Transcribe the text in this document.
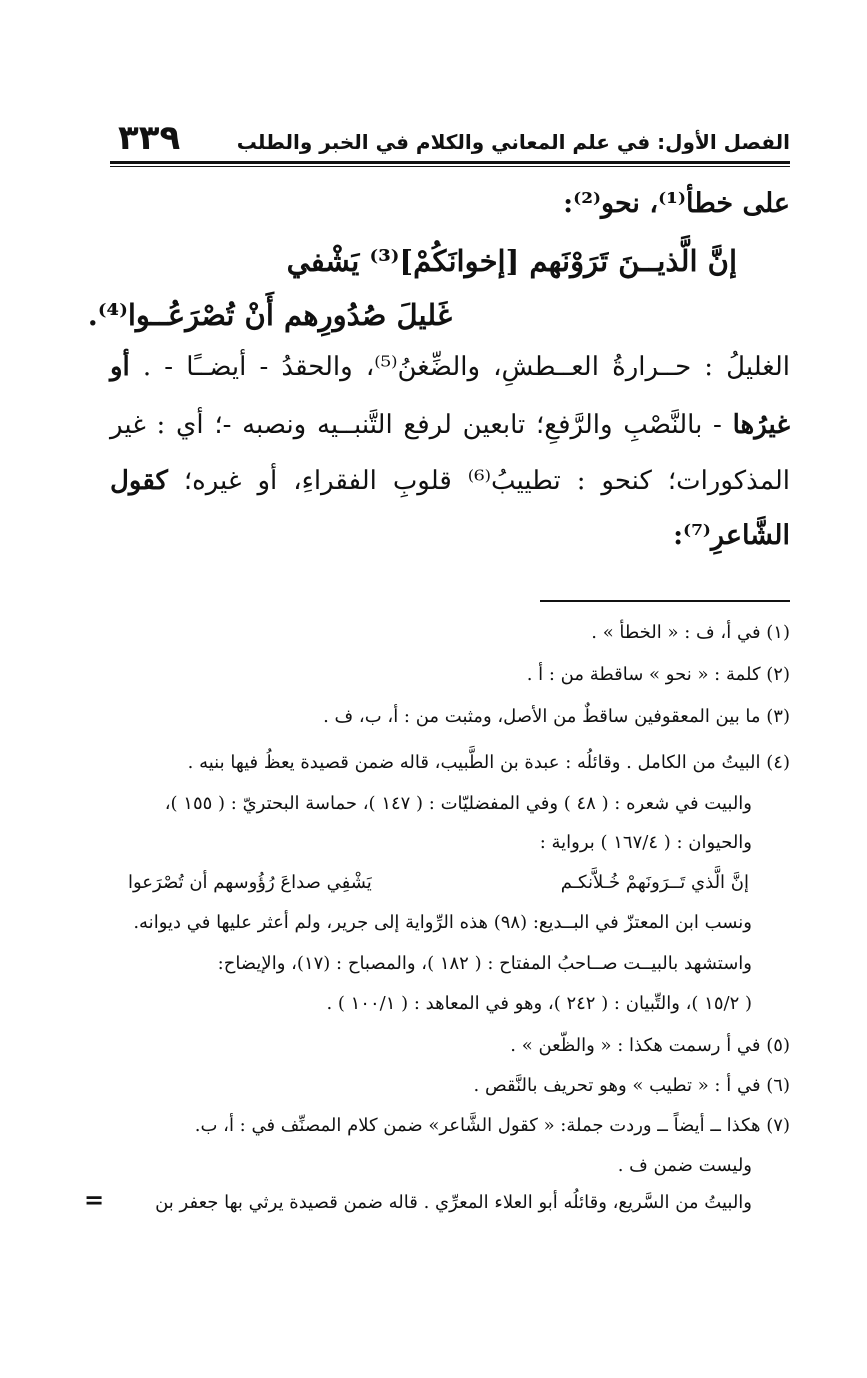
الفصل الأول: في علم المعاني والكلام في الخبر والطلب
٣٣٩
على خطأ⁽¹⁾، نحو⁽²⁾:
إنَّ الَّذيــنَ تَرَوْنَهم [إخوانَكُمْ]⁽³⁾ يَشْفي
غَليلَ صُدُورِهم أَنْ تُصْرَعُــوا⁽⁴⁾.
الغليلُ : حــرارةُ العــطشِ، والضِّغنُ⁽⁵⁾، والحقدُ - أيضــًا - . أو
غيرُها - بالنَّصْبِ والرَّفعِ؛ تابعين لرفع التَّنبــيه ونصبه -؛ أي : غير
المذكورات؛ كنحو : تطييبُ⁽⁶⁾ قلوبِ الفقراءِ، أو غيره؛ كقول
الشَّاعرِ⁽⁷⁾:
(١) في أ، ف : « الخطأ » .
(٢) كلمة : « نحو » ساقطة من : أ .
(٣) ما بين المعقوفين ساقطٌ من الأصل، ومثبت من : أ، ب، ف .
(٤) البيتُ من الكامل . وقائلُه : عبدة بن الطَّبيب، قاله ضمن قصيدة يعظُ فيها بنيه .
والبيت في شعره : ( ٤٨ ) وفي المفضليّات : ( ١٤٧ )، حماسة البحتريّ : ( ١٥٥ )،
والحيوان : ( ١٦٧/٤ ) برواية :
إنَّ الَّذي تَــرَونَهمْ خُـلاَّنكـم
يَشْفِي صداعَ رُؤُوسهم أن تُصْرَعوا
ونسب ابن المعتزّ في البــديع: (٩٨) هذه الرِّواية إلى جرير، ولم أعثر عليها في ديوانه.
واستشهد بالبيــت صــاحبُ المفتاح : ( ١٨٢ )، والمصباح : (١٧)، والإيضاح:
( ١٥/٢ )، والتِّبيان : ( ٢٤٢ )، وهو في المعاهد : ( ١٠٠/١ ) .
(٥) في أ رسمت هكذا : « والظّعن » .
(٦) في أ : « تطيب » وهو تحريف بالنَّقص .
(٧) هكذا ــ أيضاً ــ وردت جملة: « كقول الشَّاعر» ضمن كلام المصنِّف في : أ، ب.
وليست ضمن ف .
والبيتُ من السَّريع، وقائلُه أبو العلاء المعرِّي . قاله ضمن قصيدة يرثي بها جعفر بن
=
